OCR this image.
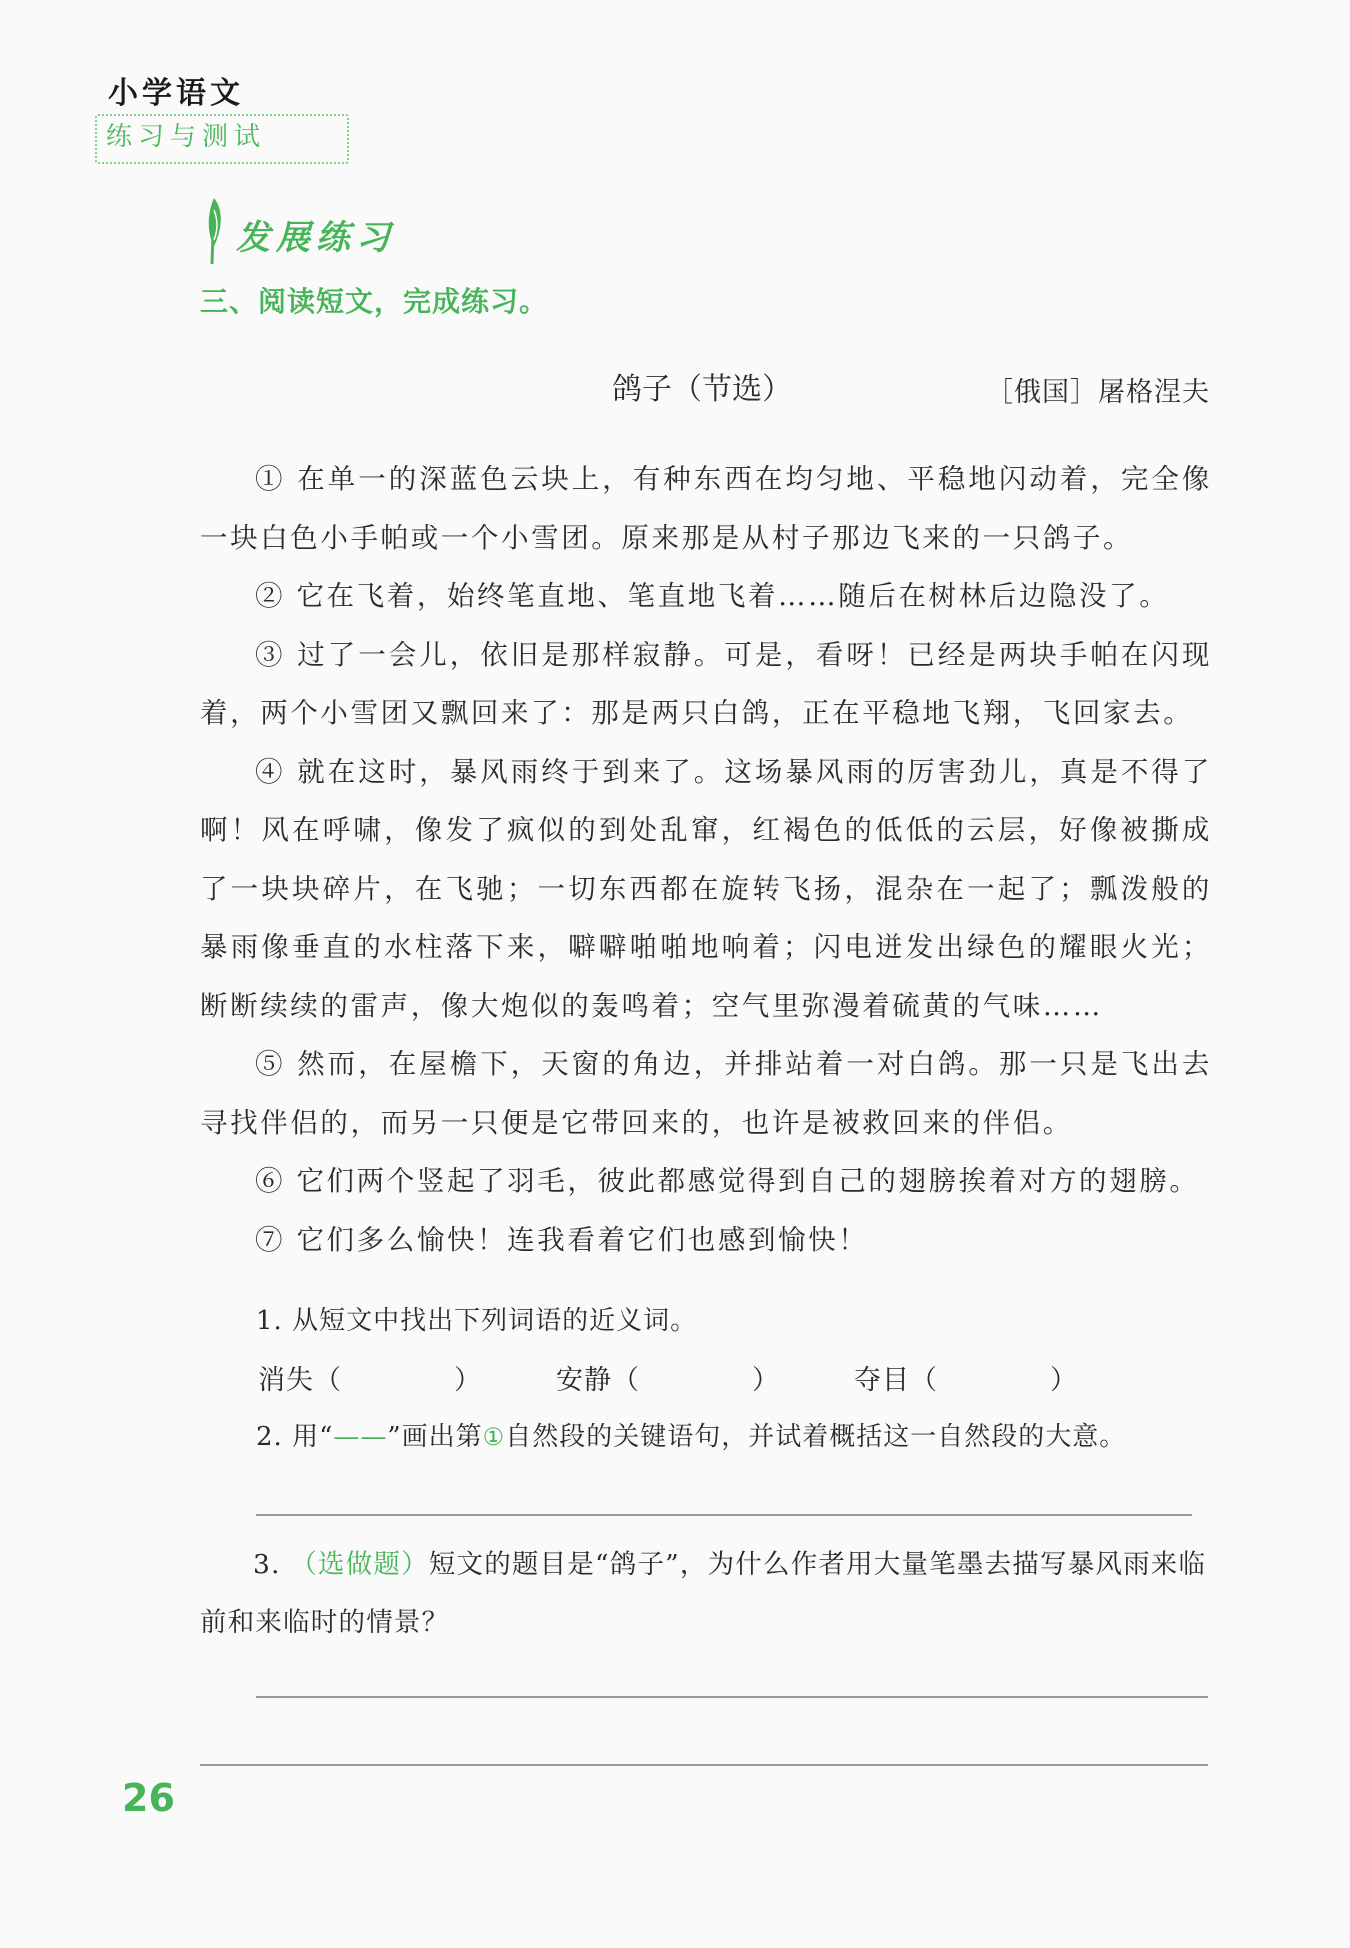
小学语文
练习与测试
发展练习
三、阅读短文，完成练习。
鸽子（节选）	［俄国］屠格涅夫

① 在单一的深蓝色云块上，有种东西在均匀地、平稳地闪动着，完全像一块白色小手帕或一个小雪团。原来那是从村子那边飞来的一只鸽子。

② 它在飞着，始终笔直地、笔直地飞着……随后在树林后边隐没了。

③ 过了一会儿，依旧是那样寂静。可是，看呀！已经是两块手帕在闪现着，两个小雪团又飘回来了：那是两只白鸽，正在平稳地飞翔，飞回家去。

④ 就在这时，暴风雨终于到来了。这场暴风雨的厉害劲儿，真是不得了啊！风在呼啸，像发了疯似的到处乱窜，红褐色的低低的云层，好像被撕成了一块块碎片，在飞驰；一切东西都在旋转飞扬，混杂在一起了；瓢泼般的暴雨像垂直的水柱落下来，噼噼啪啪地响着；闪电迸发出绿色的耀眼火光；断断续续的雷声，像大炮似的轰鸣着；空气里弥漫着硫黄的气味……

⑤ 然而，在屋檐下，天窗的角边，并排站着一对白鸽。那一只是飞出去寻找伴侣的，而另一只便是它带回来的，也许是被救回来的伴侣。

⑥ 它们两个竖起了羽毛，彼此都感觉得到自己的翅膀挨着对方的翅膀。

⑦ 它们多么愉快！连我看着它们也感到愉快！

1. 从短文中找出下列词语的近义词。
消失（　　　　）	安静（　　　　）	夺目（　　　　）
2. 用“——”画出第①自然段的关键语句，并试着概括这一自然段的大意。
3. （选做题）短文的题目是“鸽子”，为什么作者用大量笔墨去描写暴风雨来临前和来临时的情景？
26
